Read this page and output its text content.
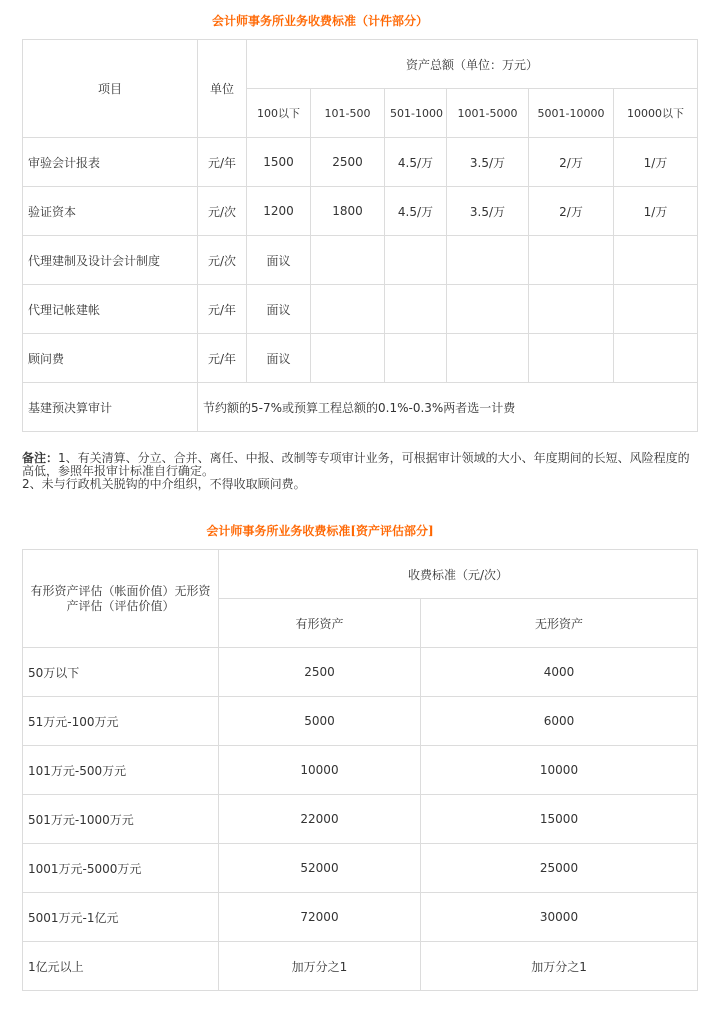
会计师事务所业务收费标准（计件部分）
项目	单位	资产总额（单位：万元）					
		100以下	101-500	501-1000	1001-5000	5001-10000	10000以下
审验会计报表	元/年	1500	2500	4.5/万	3.5/万	2/万	1/万
验证资本	元/次	1200	1800	4.5/万	3.5/万	2/万	1/万
代理建制及设计会计制度	元/次	面议					
代理记帐建帐	元/年	面议					
顾问费	元/年	面议					
基建预决算审计	节约额的5-7%或预算工程总额的0.1%-0.3%两者选一计费						
备注：1、有关清算、分立、合并、离任、中报、改制等专项审计业务，可根据审计领域的大小、年度期间的长短、风险程度的高低，参照年报审计标准自行确定。
2、未与行政机关脱钩的中介组织，不得收取顾问费。
会计师事务所业务收费标准[资产评估部分]
有形资产评估（帐面价值）无形资产评估（评估价值）	收费标准（元/次）	
	有形资产	无形资产
50万以下	2500	4000
51万元-100万元	5000	6000
101万元-500万元	10000	10000
501万元-1000万元	22000	15000
1001万元-5000万元	52000	25000
5001万元-1亿元	72000	30000
1亿元以上	加万分之1	加万分之1
